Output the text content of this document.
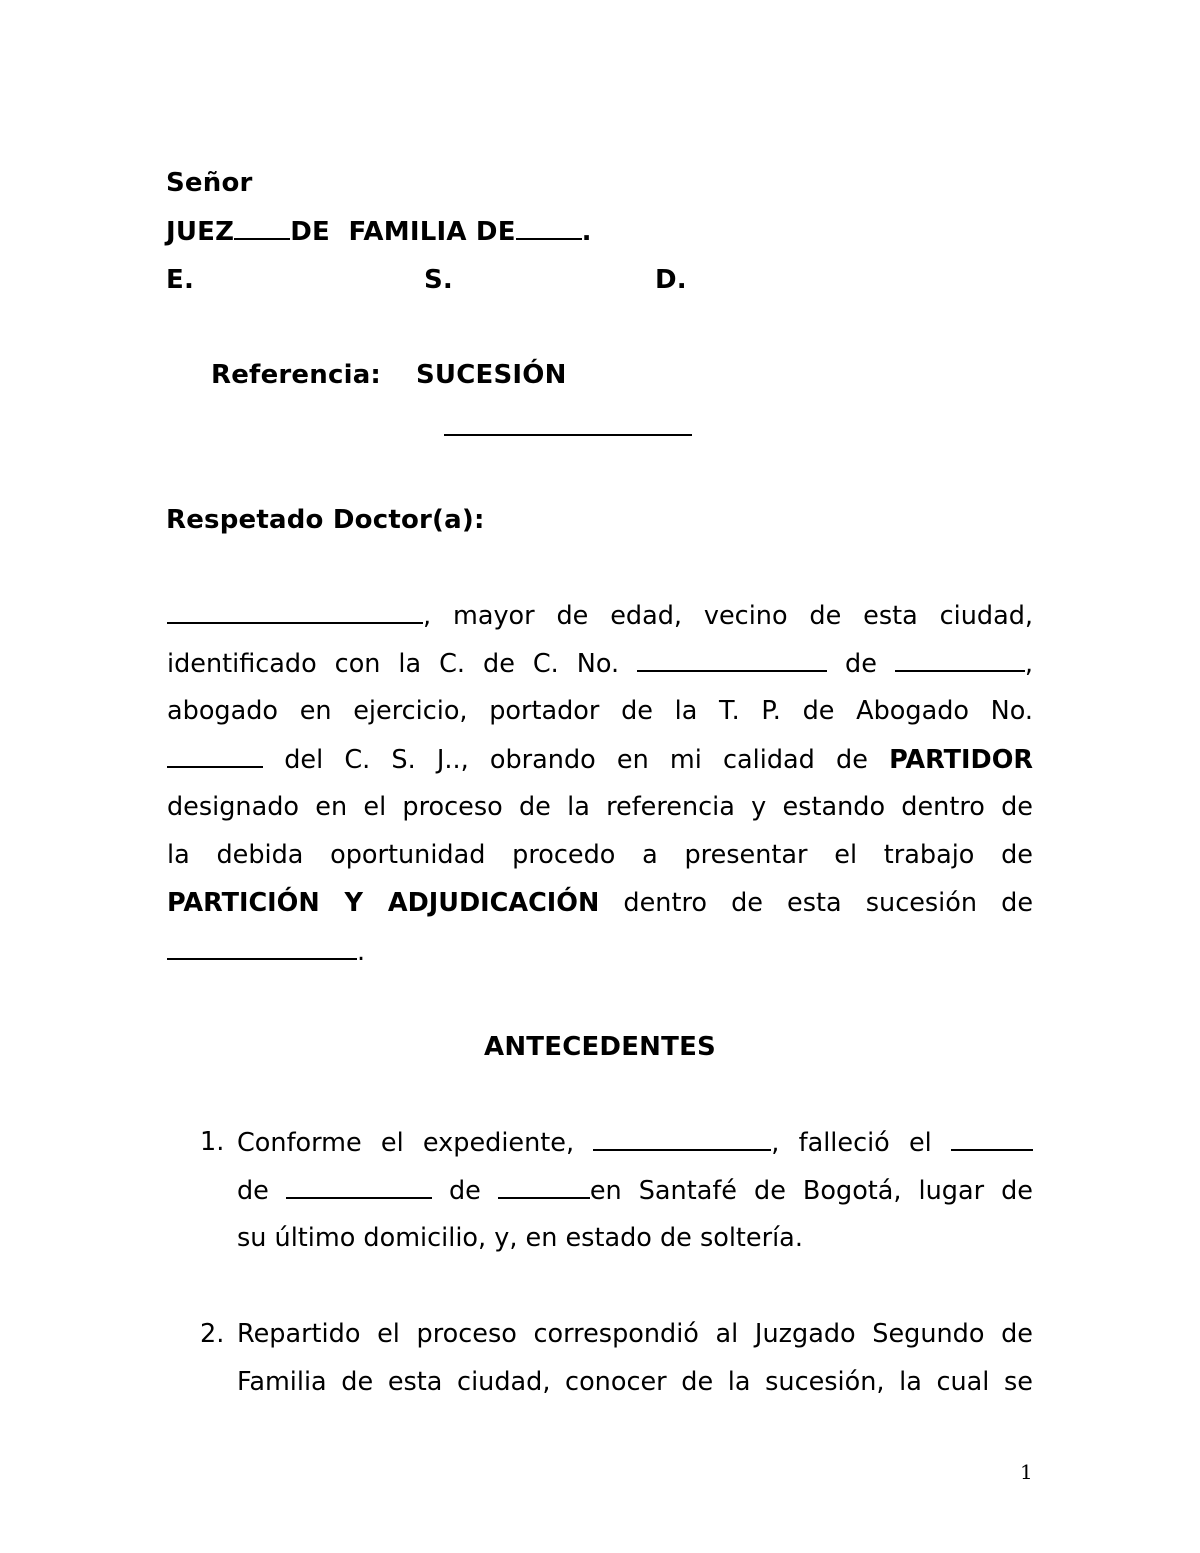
Señor
JUEZ DE  FAMILIA DE	.
E.	S.	D.
Referencia: SUCESIÓN
Respetado Doctor(a):
, mayor de edad, vecino de esta ciudad,
identificado con la C. de C. No.	de	,
abogado en ejercicio, portador de la T. P. de Abogado No.
del C. S. J.., obrando en mi calidad de PARTIDOR
designado en el proceso de la referencia y estando dentro de
la debida oportunidad procedo a presentar el trabajo de
PARTICIÓN Y ADJUDICACIÓN dentro de esta sucesión de
.
ANTECEDENTES
1. Conforme el expediente,	, falleció el
de	de	en Santafé de Bogotá, lugar de
su último domicilio, y, en estado de soltería.
2. Repartido el proceso correspondió al Juzgado Segundo de
Familia de esta ciudad, conocer de la sucesión, la cual se
1
